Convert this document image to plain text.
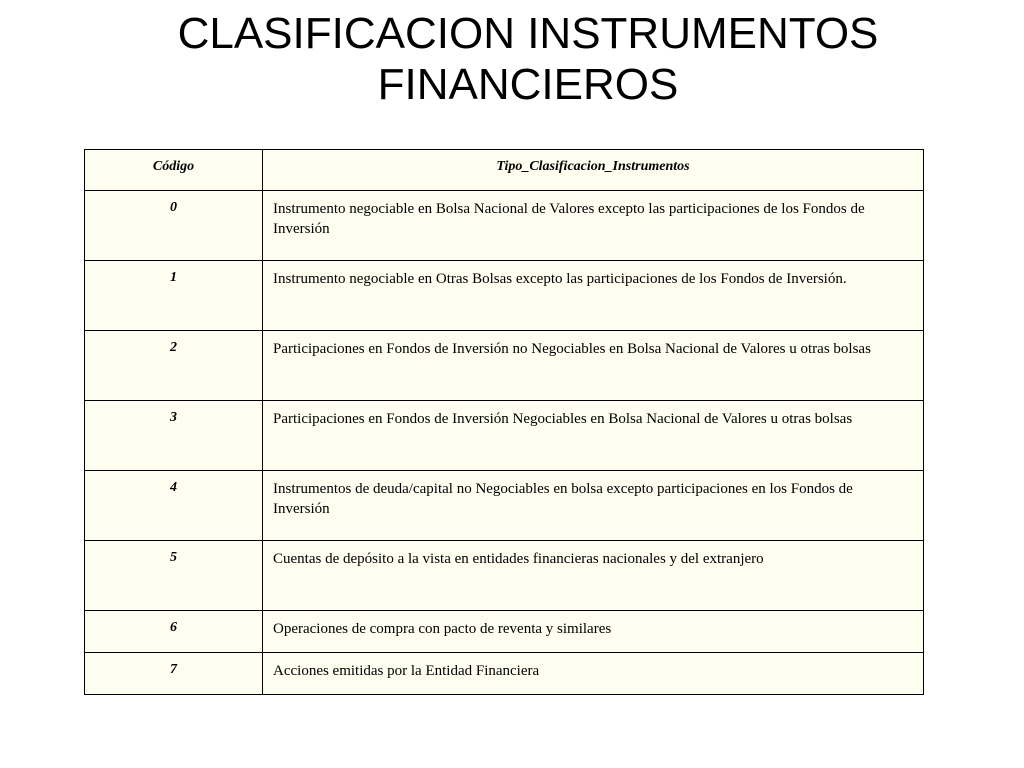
CLASIFICACION INSTRUMENTOS
FINANCIEROS
Código	Tipo_Clasificacion_Instrumentos
0	Instrumento negociable en Bolsa Nacional de Valores excepto las participaciones de los Fondos de Inversión
1	Instrumento negociable en Otras Bolsas excepto las participaciones de los Fondos de Inversión.
2	Participaciones en Fondos de Inversión no Negociables en Bolsa Nacional de Valores u otras bolsas
3	Participaciones en Fondos de Inversión Negociables en Bolsa Nacional de Valores u otras bolsas
4	Instrumentos de deuda/capital no Negociables en bolsa excepto participaciones en los Fondos de Inversión
5	Cuentas de depósito a la vista en entidades financieras nacionales y del extranjero
6	Operaciones de compra con pacto de reventa y similares
7	Acciones emitidas por la Entidad Financiera
